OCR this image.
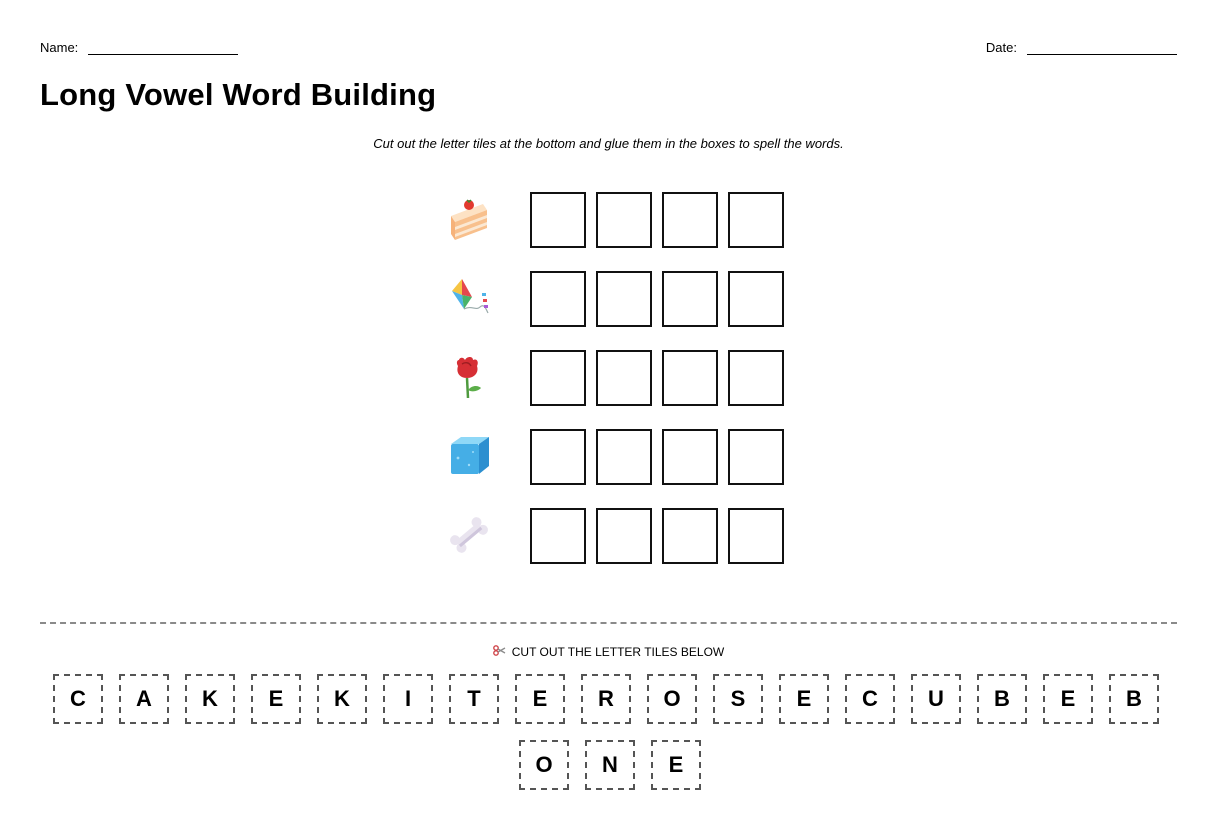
Name:	Date:
Long Vowel Word Building
Cut out the letter tiles at the bottom and glue them in the boxes to spell the words.
CUT OUT THE LETTER TILES BELOW
C	A	K	E	K	I	T	E	R	O	S	E	C	U	B	E	B
O	N	E
